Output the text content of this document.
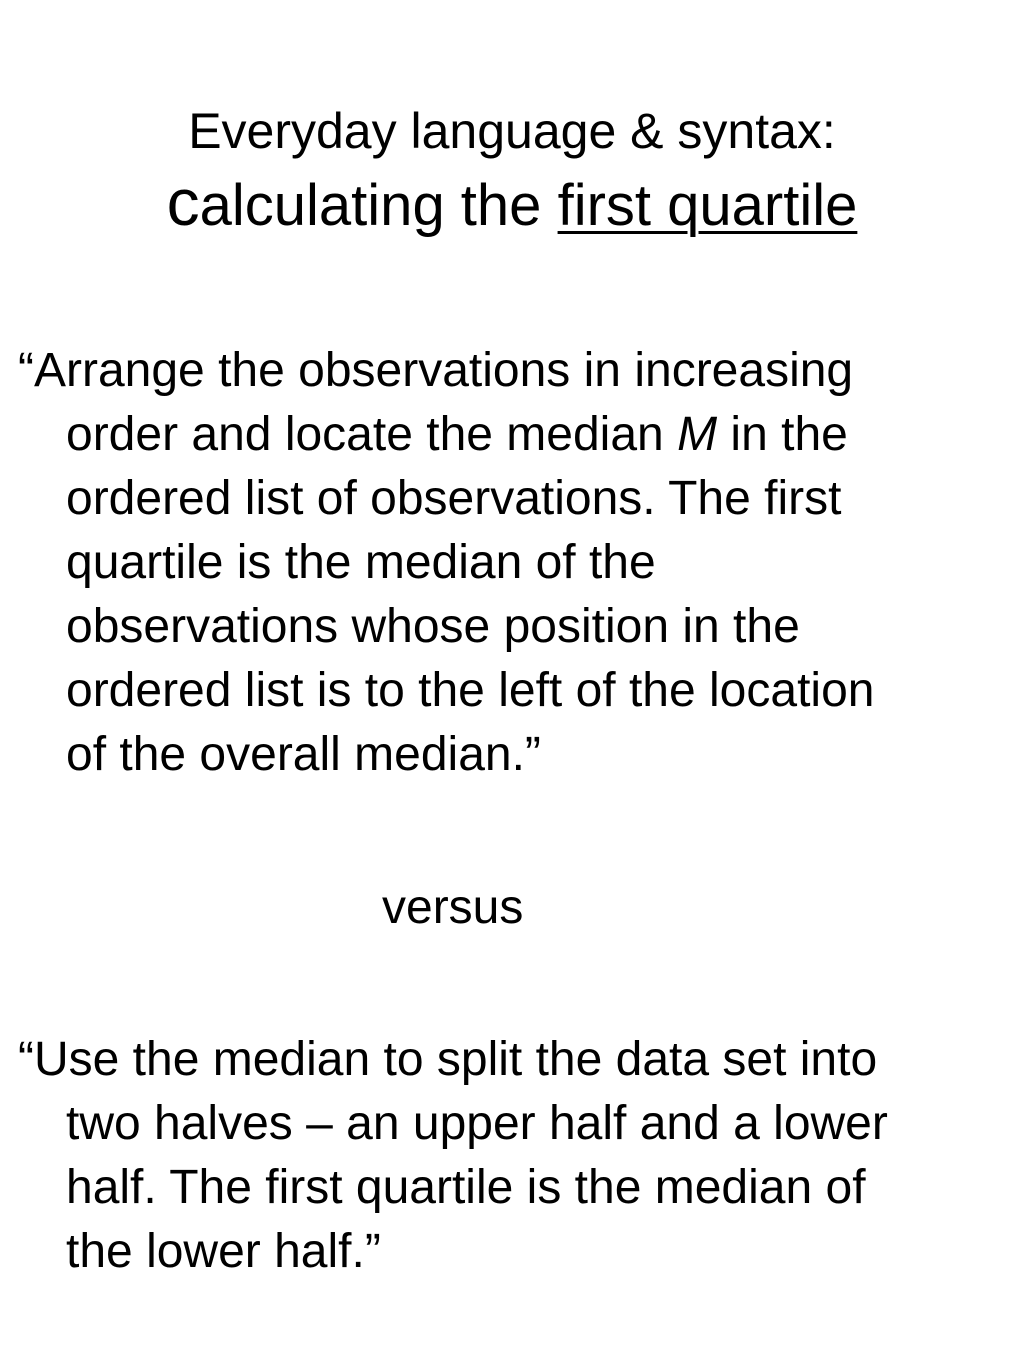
Everyday language & syntax:
calculating the first quartile
“Arrange the observations in increasing
order and locate the median M in the
ordered list of observations. The first
quartile is the median of the
observations whose position in the
ordered list is to the left of the location
of the overall median.”
versus
“Use the median to split the data set into
two halves – an upper half and a lower
half. The first quartile is the median of
the lower half.”
